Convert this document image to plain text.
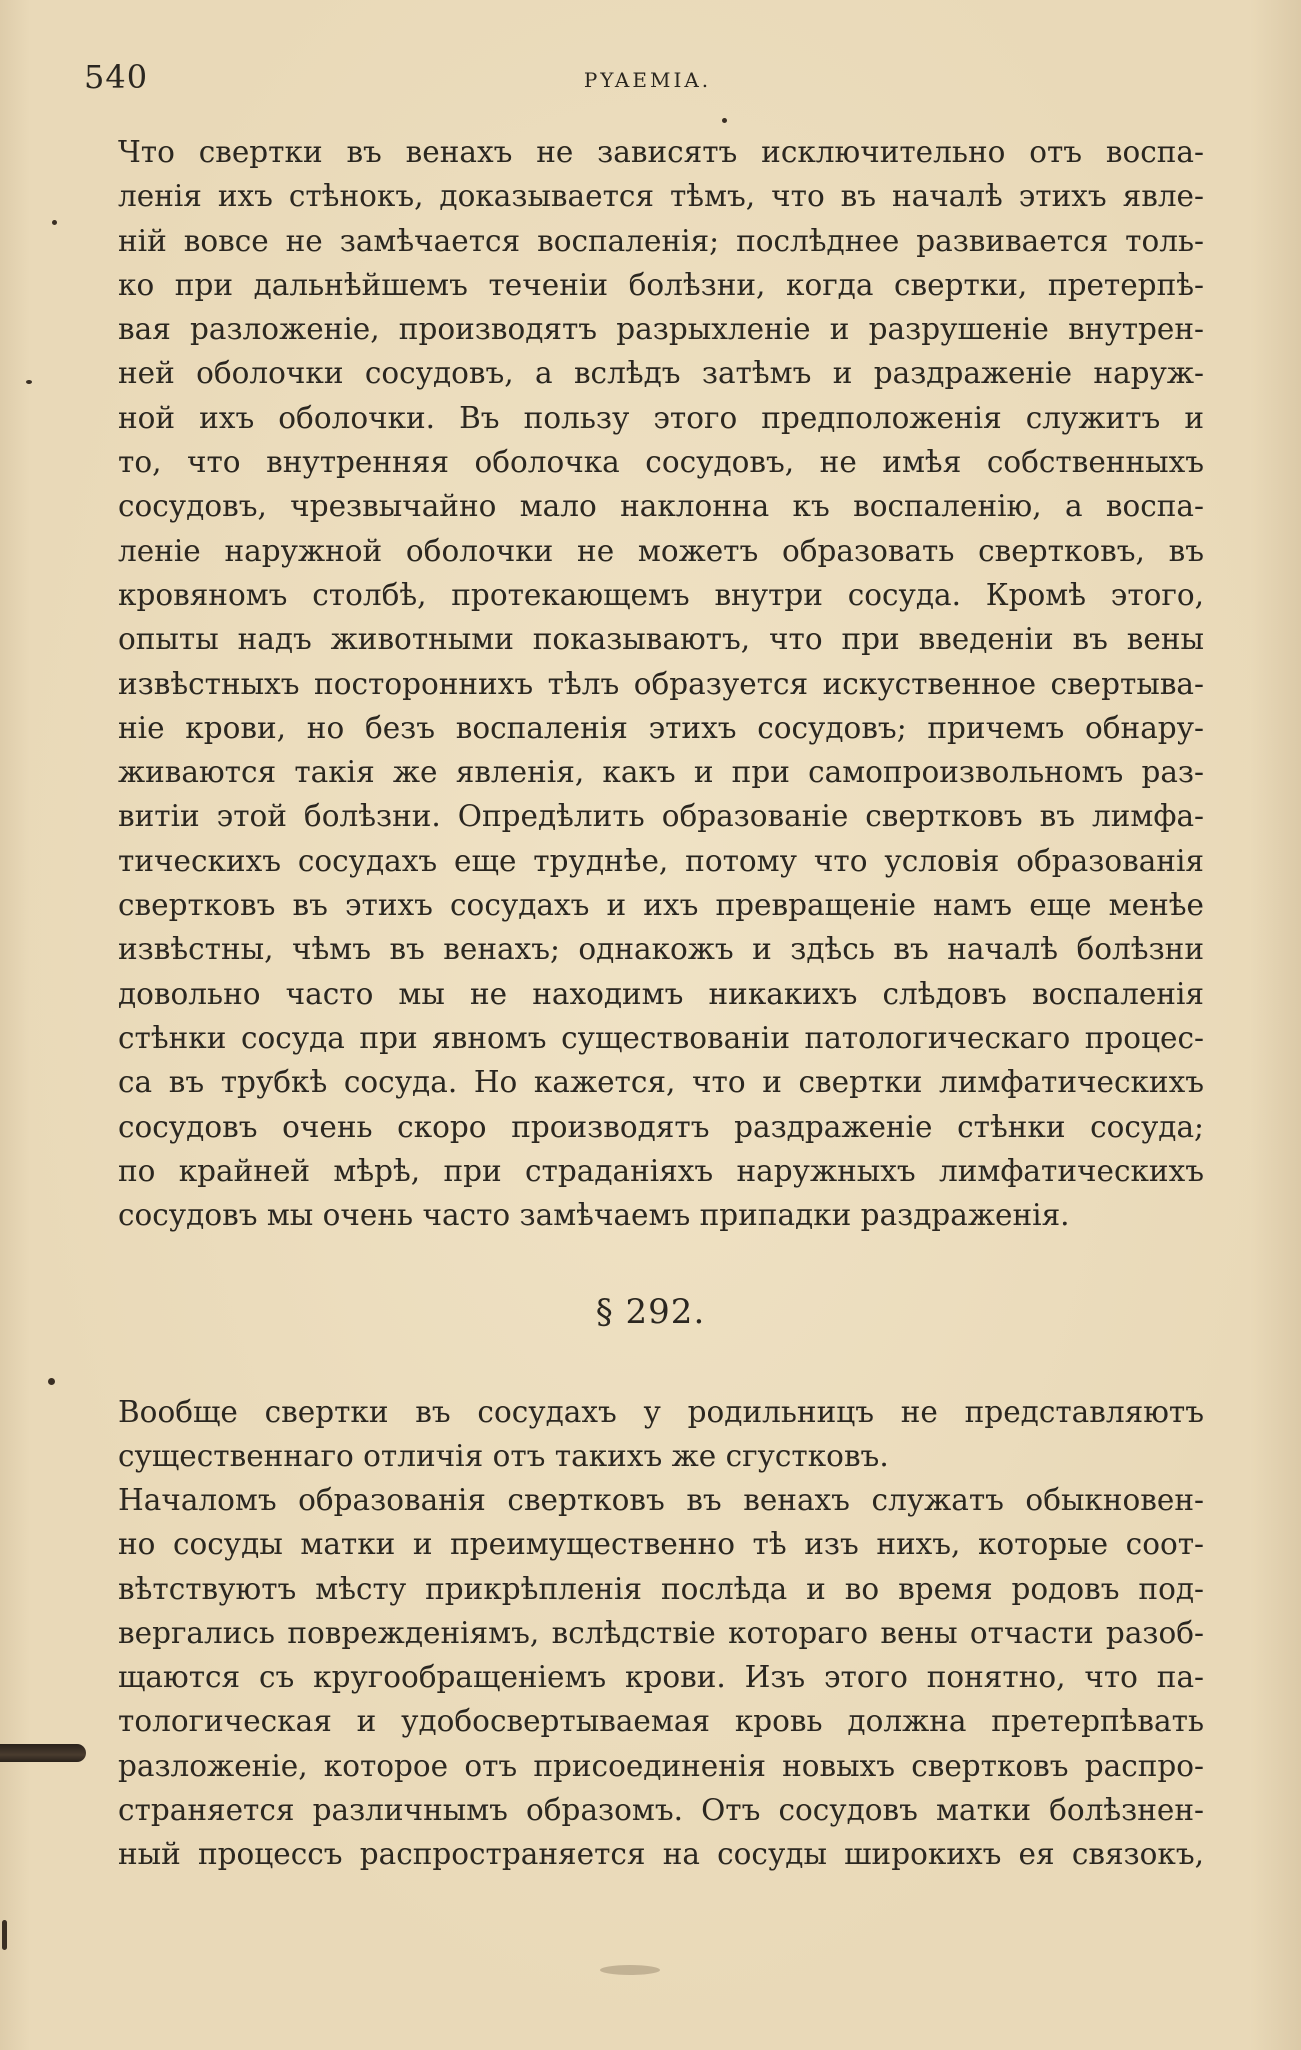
540	PYAEMIA.
Что свертки въ венахъ не зависятъ исключительно отъ воспа-
ленія ихъ стѣнокъ, доказывается тѣмъ, что въ началѣ этихъ явле-
ній вовсе не замѣчается воспаленія; послѣднее развивается толь-
ко при дальнѣйшемъ теченіи болѣзни, когда свертки, претерпѣ-
вая разложеніе, производятъ разрыхленіе и разрушеніе внутрен-
ней оболочки сосудовъ, а вслѣдъ затѣмъ и раздраженіе наруж-
ной ихъ оболочки. Въ пользу этого предположенія служитъ и
то, что внутренняя оболочка сосудовъ, не имѣя собственныхъ
сосудовъ, чрезвычайно мало наклонна къ воспаленію, а воспа-
леніе наружной оболочки не можетъ образовать свертковъ, въ
кровяномъ столбѣ, протекающемъ внутри сосуда. Кромѣ этого,
опыты надъ животными показываютъ, что при введеніи въ вены
извѣстныхъ посторонниxъ тѣлъ образуется искуственное свертыва-
ніе крови, но безъ воспаленія этихъ сосудовъ; причемъ обнару-
живаются такія же явленія, какъ и при самопроизвольномъ раз-
витіи этой болѣзни. Опредѣлить образованіе свертковъ въ лимфа-
тическихъ сосудахъ еще труднѣе, потому что условія образованія
свертковъ въ этихъ сосудахъ и ихъ превращеніе намъ еще менѣе
извѣстны, чѣмъ въ венахъ; однакожъ и здѣсь въ началѣ болѣзни
довольно часто мы не находимъ никакихъ слѣдовъ воспаленія
стѣнки сосуда при явномъ существованіи патологическаго процес-
са въ трубкѣ сосуда. Но кажется, что и свертки лимфатическихъ
сосудовъ очень скоро производятъ раздраженіе стѣнки сосуда;
по крайней мѣрѣ, при страданіяхъ наружныхъ лимфатическихъ
сосудовъ мы очень часто замѣчаемъ припадки раздраженія.
§ 292.
Вообще свертки въ сосудахъ у родильницъ не представляютъ
существеннаго отличія отъ такихъ же сгустковъ.
Началомъ образованія свертковъ въ венахъ служатъ обыкновен-
но сосуды матки и преимущественно тѣ изъ нихъ, которые соот-
вѣтствуютъ мѣсту прикрѣпленія послѣда и во время родовъ под-
вергались поврежденіямъ, вслѣдствіе котораго вены отчасти разоб-
щаются съ кругообращеніемъ крови. Изъ этого понятно, что па-
тологическая и удобосвертываемая кровь должна претерпѣвать
разложеніе, которое отъ присоединенія новыхъ свертковъ распро-
страняется различнымъ образомъ. Отъ сосудовъ матки болѣзнен-
ный процессъ распространяется на сосуды широкихъ ея связокъ,
